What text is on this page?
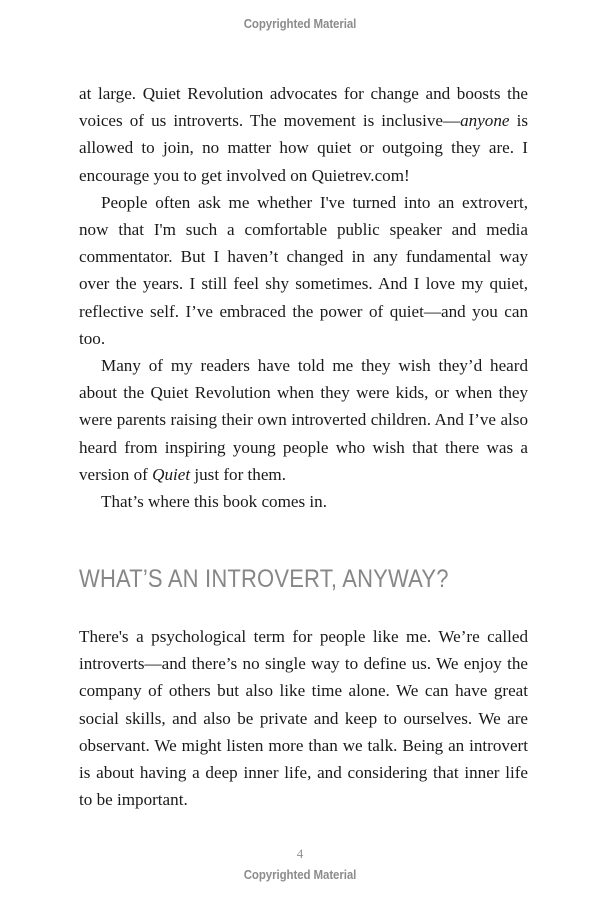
Copyrighted Material

at large. Quiet Revolution advocates for change and boosts the voices of us introverts. The movement is inclusive—anyone is allowed to join, no matter how quiet or outgoing they are. I encourage you to get involved on Quietrev.com!

People often ask me whether I've turned into an extrovert, now that I'm such a comfortable public speaker and media commentator. But I haven’t changed in any fundamental way over the years. I still feel shy sometimes. And I love my quiet, reflective self. I’ve embraced the power of quiet—and you can too.

Many of my readers have told me they wish they’d heard about the Quiet Revolution when they were kids, or when they were parents raising their own introverted children. And I’ve also heard from inspiring young people who wish that there was a version of Quiet just for them.

That’s where this book comes in.

WHAT’S AN INTROVERT, ANYWAY?

There's a psychological term for people like me. We’re called introverts—and there’s no single way to define us. We enjoy the company of others but also like time alone. We can have great social skills, and also be private and keep to ourselves. We are observant. We might listen more than we talk. Being an introvert is about having a deep inner life, and considering that inner life to be important.

4
Copyrighted Material
